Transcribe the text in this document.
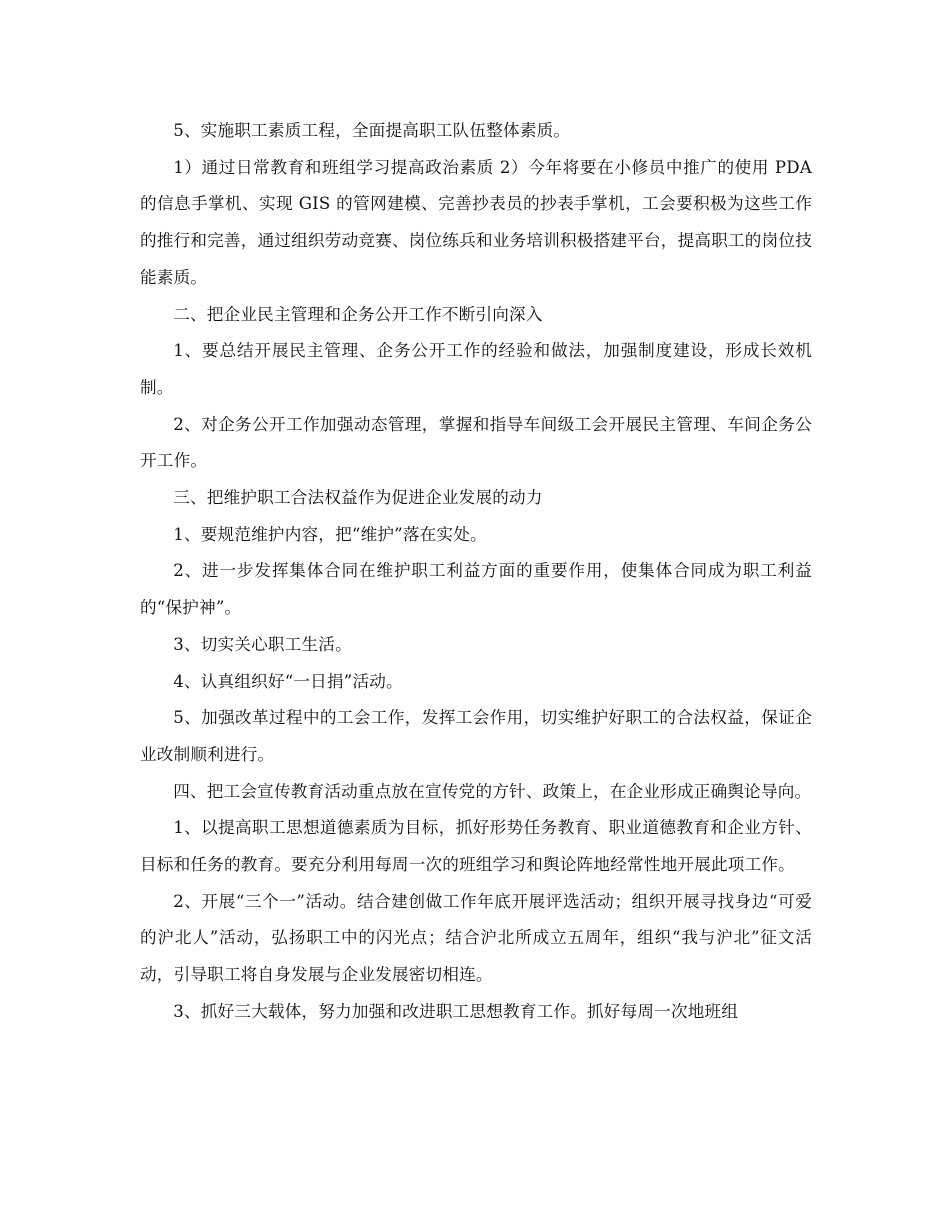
5、实施职工素质工程，全面提高职工队伍整体素质。

1）通过日常教育和班组学习提高政治素质 2）今年将要在小修员中推广的使用 PDA 的信息手掌机、实现 GIS 的管网建模、完善抄表员的抄表手掌机，工会要积极为这些工作的推行和完善，通过组织劳动竞赛、岗位练兵和业务培训积极搭建平台，提高职工的岗位技能素质。

二、把企业民主管理和企务公开工作不断引向深入

1、要总结开展民主管理、企务公开工作的经验和做法，加强制度建设，形成长效机制。

2、对企务公开工作加强动态管理，掌握和指导车间级工会开展民主管理、车间企务公开工作。

三、把维护职工合法权益作为促进企业发展的动力

1、要规范维护内容，把“维护”落在实处。

2、进一步发挥集体合同在维护职工利益方面的重要作用，使集体合同成为职工利益的“保护神”。

3、切实关心职工生活。

4、认真组织好“一日捐”活动。

5、加强改革过程中的工会工作，发挥工会作用，切实维护好职工的合法权益，保证企业改制顺利进行。

四、把工会宣传教育活动重点放在宣传党的方针、政策上，在企业形成正确舆论导向。

1、以提高职工思想道德素质为目标，抓好形势任务教育、职业道德教育和企业方针、目标和任务的教育。要充分利用每周一次的班组学习和舆论阵地经常性地开展此项工作。

2、开展“三个一”活动。结合建创做工作年底开展评选活动；组织开展寻找身边“可爱的沪北人”活动，弘扬职工中的闪光点；结合沪北所成立五周年，组织“我与沪北”征文活动，引导职工将自身发展与企业发展密切相连。

3、抓好三大载体，努力加强和改进职工思想教育工作。抓好每周一次地班组
